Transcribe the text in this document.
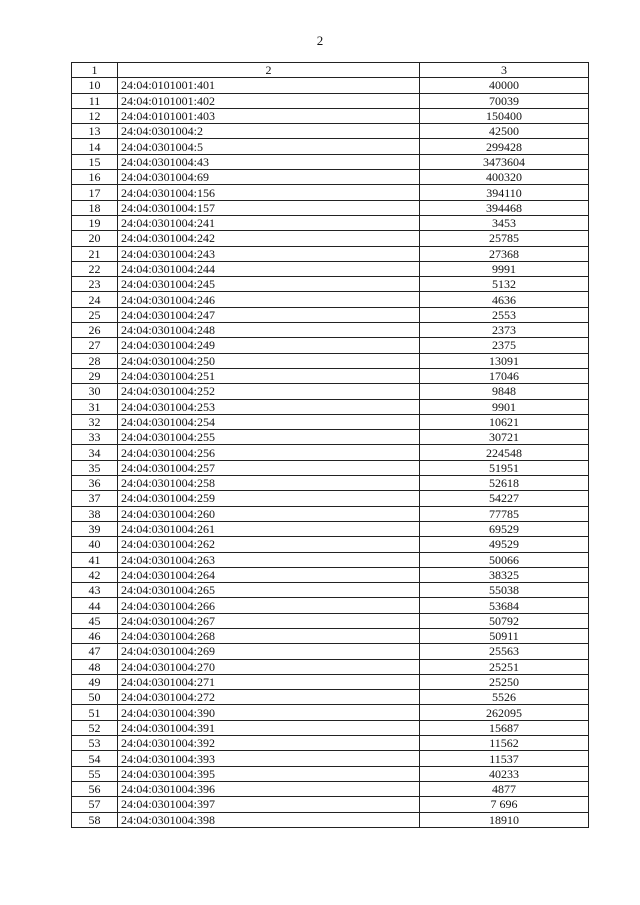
2
1	2	3
10	24:04:0101001:401	40000
11	24:04:0101001:402	70039
12	24:04:0101001:403	150400
13	24:04:0301004:2	42500
14	24:04:0301004:5	299428
15	24:04:0301004:43	3473604
16	24:04:0301004:69	400320
17	24:04:0301004:156	394110
18	24:04:0301004:157	394468
19	24:04:0301004:241	3453
20	24:04:0301004:242	25785
21	24:04:0301004:243	27368
22	24:04:0301004:244	9991
23	24:04:0301004:245	5132
24	24:04:0301004:246	4636
25	24:04:0301004:247	2553
26	24:04:0301004:248	2373
27	24:04:0301004:249	2375
28	24:04:0301004:250	13091
29	24:04:0301004:251	17046
30	24:04:0301004:252	9848
31	24:04:0301004:253	9901
32	24:04:0301004:254	10621
33	24:04:0301004:255	30721
34	24:04:0301004:256	224548
35	24:04:0301004:257	51951
36	24:04:0301004:258	52618
37	24:04:0301004:259	54227
38	24:04:0301004:260	77785
39	24:04:0301004:261	69529
40	24:04:0301004:262	49529
41	24:04:0301004:263	50066
42	24:04:0301004:264	38325
43	24:04:0301004:265	55038
44	24:04:0301004:266	53684
45	24:04:0301004:267	50792
46	24:04:0301004:268	50911
47	24:04:0301004:269	25563
48	24:04:0301004:270	25251
49	24:04:0301004:271	25250
50	24:04:0301004:272	5526
51	24:04:0301004:390	262095
52	24:04:0301004:391	15687
53	24:04:0301004:392	11562
54	24:04:0301004:393	11537
55	24:04:0301004:395	40233
56	24:04:0301004:396	4877
57	24:04:0301004:397	7 696
58	24:04:0301004:398	18910
